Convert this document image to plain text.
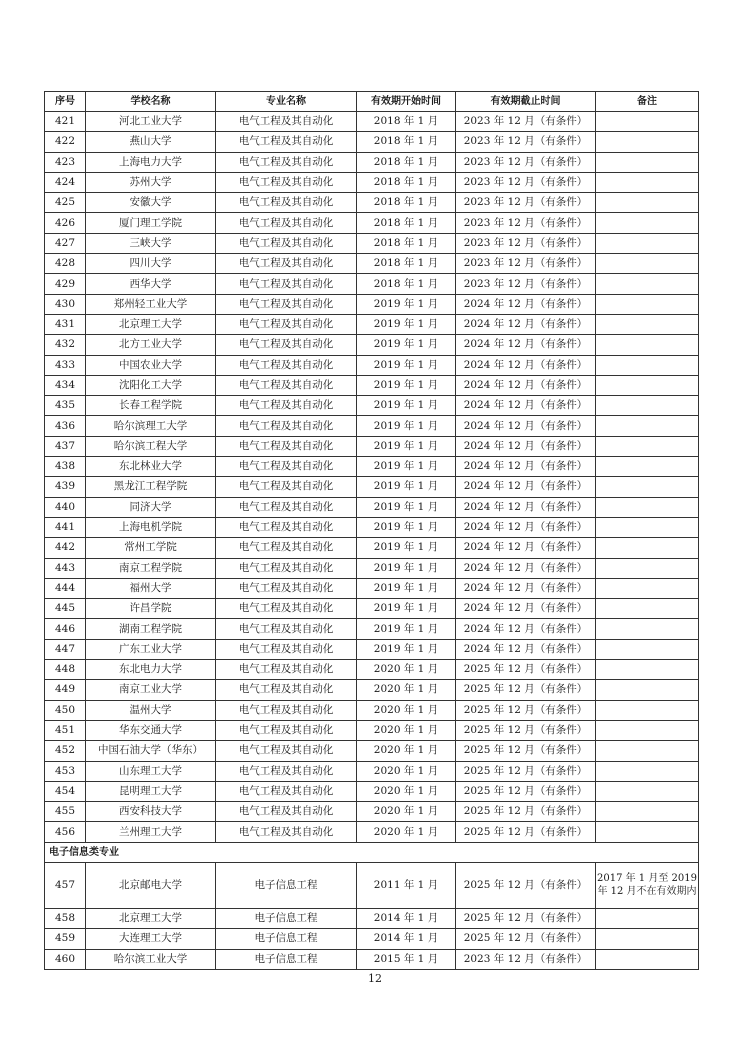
序号	学校名称	专业名称	有效期开始时间	有效期截止时间	备注
421	河北工业大学	电气工程及其自动化	2018 年 1 月	2023 年 12 月（有条件）	
422	燕山大学	电气工程及其自动化	2018 年 1 月	2023 年 12 月（有条件）	
423	上海电力大学	电气工程及其自动化	2018 年 1 月	2023 年 12 月（有条件）	
424	苏州大学	电气工程及其自动化	2018 年 1 月	2023 年 12 月（有条件）	
425	安徽大学	电气工程及其自动化	2018 年 1 月	2023 年 12 月（有条件）	
426	厦门理工学院	电气工程及其自动化	2018 年 1 月	2023 年 12 月（有条件）	
427	三峡大学	电气工程及其自动化	2018 年 1 月	2023 年 12 月（有条件）	
428	四川大学	电气工程及其自动化	2018 年 1 月	2023 年 12 月（有条件）	
429	西华大学	电气工程及其自动化	2018 年 1 月	2023 年 12 月（有条件）	
430	郑州轻工业大学	电气工程及其自动化	2019 年 1 月	2024 年 12 月（有条件）	
431	北京理工大学	电气工程及其自动化	2019 年 1 月	2024 年 12 月（有条件）	
432	北方工业大学	电气工程及其自动化	2019 年 1 月	2024 年 12 月（有条件）	
433	中国农业大学	电气工程及其自动化	2019 年 1 月	2024 年 12 月（有条件）	
434	沈阳化工大学	电气工程及其自动化	2019 年 1 月	2024 年 12 月（有条件）	
435	长春工程学院	电气工程及其自动化	2019 年 1 月	2024 年 12 月（有条件）	
436	哈尔滨理工大学	电气工程及其自动化	2019 年 1 月	2024 年 12 月（有条件）	
437	哈尔滨工程大学	电气工程及其自动化	2019 年 1 月	2024 年 12 月（有条件）	
438	东北林业大学	电气工程及其自动化	2019 年 1 月	2024 年 12 月（有条件）	
439	黑龙江工程学院	电气工程及其自动化	2019 年 1 月	2024 年 12 月（有条件）	
440	同济大学	电气工程及其自动化	2019 年 1 月	2024 年 12 月（有条件）	
441	上海电机学院	电气工程及其自动化	2019 年 1 月	2024 年 12 月（有条件）	
442	常州工学院	电气工程及其自动化	2019 年 1 月	2024 年 12 月（有条件）	
443	南京工程学院	电气工程及其自动化	2019 年 1 月	2024 年 12 月（有条件）	
444	福州大学	电气工程及其自动化	2019 年 1 月	2024 年 12 月（有条件）	
445	许昌学院	电气工程及其自动化	2019 年 1 月	2024 年 12 月（有条件）	
446	湖南工程学院	电气工程及其自动化	2019 年 1 月	2024 年 12 月（有条件）	
447	广东工业大学	电气工程及其自动化	2019 年 1 月	2024 年 12 月（有条件）	
448	东北电力大学	电气工程及其自动化	2020 年 1 月	2025 年 12 月（有条件）	
449	南京工业大学	电气工程及其自动化	2020 年 1 月	2025 年 12 月（有条件）	
450	温州大学	电气工程及其自动化	2020 年 1 月	2025 年 12 月（有条件）	
451	华东交通大学	电气工程及其自动化	2020 年 1 月	2025 年 12 月（有条件）	
452	中国石油大学（华东）	电气工程及其自动化	2020 年 1 月	2025 年 12 月（有条件）	
453	山东理工大学	电气工程及其自动化	2020 年 1 月	2025 年 12 月（有条件）	
454	昆明理工大学	电气工程及其自动化	2020 年 1 月	2025 年 12 月（有条件）	
455	西安科技大学	电气工程及其自动化	2020 年 1 月	2025 年 12 月（有条件）	
456	兰州理工大学	电气工程及其自动化	2020 年 1 月	2025 年 12 月（有条件）	
电子信息类专业					
457	北京邮电大学	电子信息工程	2011 年 1 月	2025 年 12 月（有条件）	2017 年 1 月至 2019 年 12 月不在有效期内
458	北京理工大学	电子信息工程	2014 年 1 月	2025 年 12 月（有条件）	
459	大连理工大学	电子信息工程	2014 年 1 月	2025 年 12 月（有条件）	
460	哈尔滨工业大学	电子信息工程	2015 年 1 月	2023 年 12 月（有条件）	
12
